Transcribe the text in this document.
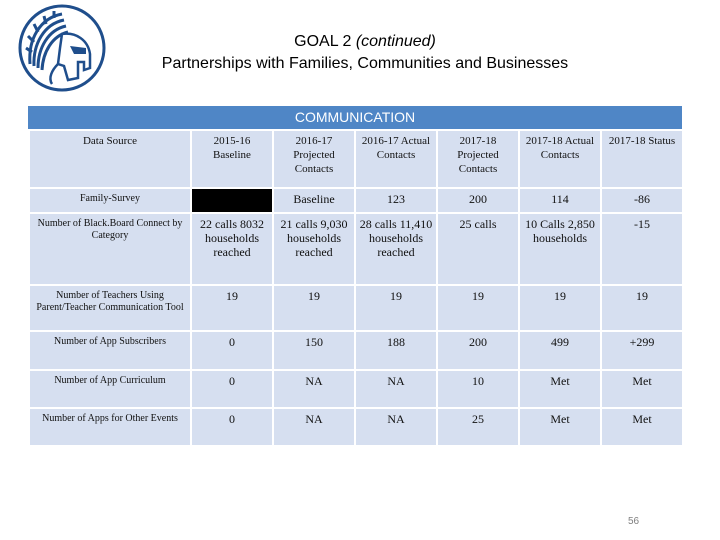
GOAL 2 (continued)
Partnerships with Families, Communities and Businesses
COMMUNICATION
Data Source	2015-16 Baseline	2016-17 Projected Contacts	2016-17 Actual Contacts	2017-18 Projected Contacts	2017-18 Actual Contacts	2017-18 Status
Family-Survey		Baseline	123	200	114	-86
Number of Black.Board Connect by Category	22 calls 8032 households reached	21 calls 9,030 households reached	28 calls 11,410 households reached	25 calls	10 Calls 2,850 households	-15
Number of Teachers Using Parent/Teacher Communication Tool	19	19	19	19	19	19
Number of App Subscribers	0	150	188	200	499	+299
Number of App Curriculum	0	NA	NA	10	Met	Met
Number of Apps for Other Events	0	NA	NA	25	Met	Met
56
